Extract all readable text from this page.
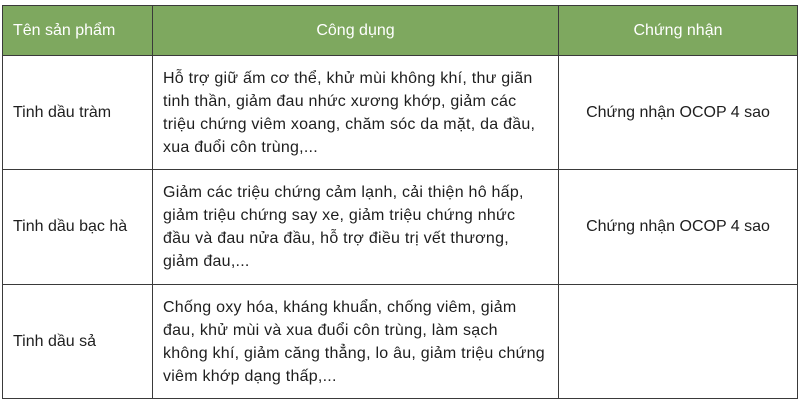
Tên sản phẩm	Công dụng	Chứng nhận
Tinh dầu tràm	Hỗ trợ giữ ấm cơ thể, khử mùi không khí, thư giãn tinh thần, giảm đau nhức xương khớp, giảm các triệu chứng viêm xoang, chăm sóc da mặt, da đầu, xua đuổi côn trùng,...	Chứng nhận OCOP 4 sao
Tinh dầu bạc hà	Giảm các triệu chứng cảm lạnh, cải thiện hô hấp, giảm triệu chứng say xe, giảm triệu chứng nhức đầu và đau nửa đầu, hỗ trợ điều trị vết thương, giảm đau,...	Chứng nhận OCOP 4 sao
Tinh dầu sả	Chống oxy hóa, kháng khuẩn, chống viêm, giảm đau, khử mùi và xua đuổi côn trùng, làm sạch không khí, giảm căng thẳng, lo âu, giảm triệu chứng viêm khớp dạng thấp,...	
